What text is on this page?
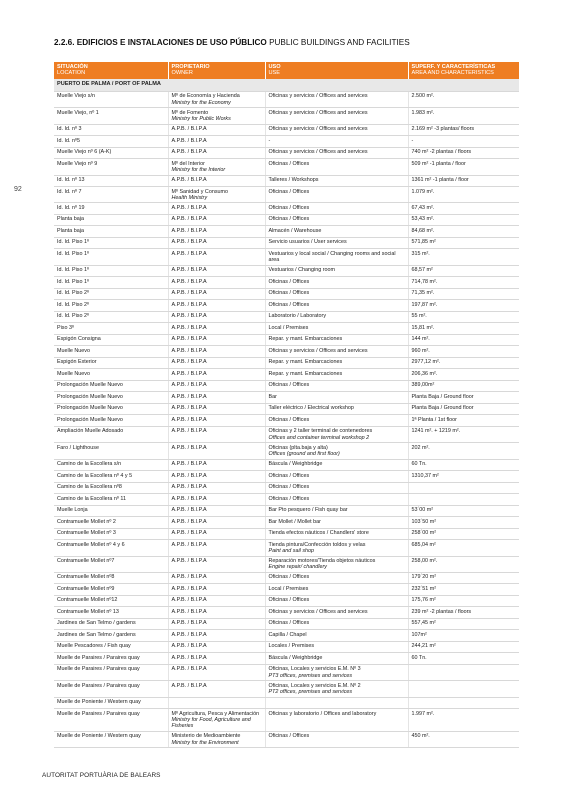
92
2.2.6. EDIFICIOS E INSTALACIONES DE USO PÚBLICO PUBLIC BUILDINGS AND FACILITIES
SITUACIÓN
LOCATION	PROPIETARIO
OWNER	USO
USE	SUPERF. Y CARACTERÍSTICAS
AREA AND CHARACTERISTICS

PUERTO DE PALMA / PORT OF PALMA			
Muelle Viejo s/n	Mº de Economía y Hacienda
Ministry for the Economy	Oficinas y servicios / Offices and services	2.500 m².
Muelle Viejo, nº 1	Mº de Fomento
Ministry for Public Works	Oficinas y servicios / Offices and services	1.983 m².
Id. Id. nº 3	A.P.B. / B.I.P.A	Oficinas y servicios / Offices and services	2.169 m² -3 plantas/ floors
Id. Id. nº5	A.P.B. / B.I.P.A	-	-
Muelle Viejo nº 6 (A-K)	A.P.B. / B.I.P.A	Oficinas y servicios / Offices and services	740 m² -2 plantas / floors
Muelle Viejo nº 9	Mº del Interior
Ministry for the Interior	Oficinas / Offices	509 m² -1 planta / floor
Id. Id. nº 13	A.P.B. / B.I.P.A	Talleres / Workshops	1361 m² -1 planta / floor
Id. Id. nº 7	Mº Sanidad y Consumo
Health Ministry	Oficinas / Offices	1.079 m².
Id. Id. nº 19	A.P.B. / B.I.P.A	Oficinas / Offices	67,43 m².
Planta baja	A.P.B. / B.I.P.A	Oficinas / Offices	53,43 m².
Planta baja	A.P.B. / B.I.P.A	Almacén / Warehouse	84,68 m².
Id. Id. Piso 1º	A.P.B. / B.I.P.A	Servicio usuarios / User services	571,85 m²
Id. Id. Piso 1º	A.P.B. / B.I.P.A	Vestuarios y local social / Changing rooms and social area	315 m².
Id. Id. Piso 1º	A.P.B. / B.I.P.A	Vestuarios / Changing room	68,57 m²
Id. Id. Piso 1º	A.P.B. / B.I.P.A	Oficinas / Offices	714,78 m².
Id. Id. Piso 2º	A.P.B. / B.I.P.A	Oficinas / Offices	71,35 m².
Id. Id. Piso 2º	A.P.B. / B.I.P.A	Oficinas / Offices	197,87 m².
Id. Id. Piso 2º	A.P.B. / B.I.P.A	Laboratorio / Laboratory	55 m².
Piso 3º	A.P.B. / B.I.P.A	Local / Premises	15,81 m².
Espigón Consigna	A.P.B. / B.I.P.A	Repar. y mant. Embarcaciones	144 m².
Muelle Nuevo	A.P.B. / B.I.P.A	Oficinas y servicios / Offices and services	960 m².
Espigón Exterior	A.P.B. / B.I.P.A	Repar. y mant. Embarcaciones	2977,12 m².
Muelle Nuevo	A.P.B. / B.I.P.A	Repar. y mant. Embarcaciones	206,36 m².
Prolongación Muelle Nuevo	A.P.B. / B.I.P.A	Oficinas / Offices	389,00m²
Prolongación Muelle Nuevo	A.P.B. / B.I.P.A	Bar	Planta Baja / Ground floor
Prolongación Muelle Nuevo	A.P.B. / B.I.P.A	Taller eléctrico / Electrical workshop	Planta Baja / Ground floor
Prolongación Muelle Nuevo	A.P.B. / B.I.P.A	Oficinas / Offices	1ª Planta / 1st floor
Ampliación Muelle Adosado	A.P.B. / B.I.P.A	Oficinas y 2 taller terminal de contenedores
Offices and container terminal workshop 2	1241 m². + 1219 m².
Faro / Lighthouse	A.P.B. / B.I.P.A	Oficinas (plta.baja y alta)
Offices (ground and first floor)	202 m².
Camino de la Escollera s/n	A.P.B. / B.I.P.A	Báscula / Weighbridge	60 Tn.
Camino de la Escollera nº 4 y 5	A.P.B. / B.I.P.A	Oficinas / Offices	1310,37 m²
Camino de la Escollera nº8	A.P.B. / B.I.P.A	Oficinas / Offices	
Camino de la Escollera nº 11	A.P.B. / B.I.P.A	Oficinas / Offices	
Muelle Lonja	A.P.B. / B.I.P.A	Bar Pto pesquero / Fish quay bar	53´00 m²
Contramuelle Mollet nº 2	A.P.B. / B.I.P.A	Bar Mollet / Mollet bar	103´50 m²
Contramuelle Mollet nº 3	A.P.B. / B.I.P.A	Tienda efectos náuticos / Chandlers' store	258´00 m²
Contramuelle Mollet nº 4 y 6	A.P.B. / B.I.P.A	Tienda pintura/Confección toldos y velas
Paint and sail shop	685,04 m²
Contramuelle Mollet nº7	A.P.B. / B.I.P.A	Reparación motores/Tienda objetos náuticos
Engine repair/ chandlery	258,00 m².
Contramuelle Mollet nº8	A.P.B. / B.I.P.A	Oficinas / Offices	179´20 m²
Contramuelle Mollet nº9	A.P.B. / B.I.P.A	Local / Premises	232´51 m²
Contramuelle Mollet nº12	A.P.B. / B.I.P.A	Oficinas / Offices	175,76 m²
Contramuelle Mollet nº 13	A.P.B. / B.I.P.A	Oficinas y servicios / Offices and services	239 m² -2 plantas / floors
Jardines de San Telmo / gardens	A.P.B. / B.I.P.A	Oficinas / Offices	557,45 m²
Jardines de San Telmo / gardens	A.P.B. / B.I.P.A	Capilla / Chapel	107m²
Muelle Pescadores / Fish quay	A.P.B. / B.I.P.A	Locales / Premises	244,21 m²
Muelle de Paraires / Paraires quay	A.P.B. / B.I.P.A	Báscula / Weighbridge	60 Tn.
Muelle de Paraires / Paraires quay	A.P.B. / B.I.P.A	Oficinas, Locales y servicios E.M. Nº 3
PT3 offices, premises and services	
Muelle de Paraires / Paraires quay	A.P.B. / B.I.P.A	Oficinas, Locales y servicios E.M. Nº 2
PT2 offices, premises and services	
Muelle de Poniente / Western quay			
Muelle de Paraires / Paraires quay	Mº Agricultura, Pesca y Alimentación
Ministry for Food, Agriculture and Fisheries	Oficinas y laboratorio / Offices and laboratory	1.997 m².
Muelle de Poniente / Western quay	Ministerio de Medioambiente
Ministry for the Environment	Oficinas / Offices	450 m².
AUTORITAT PORTUÀRIA DE BALEARS
